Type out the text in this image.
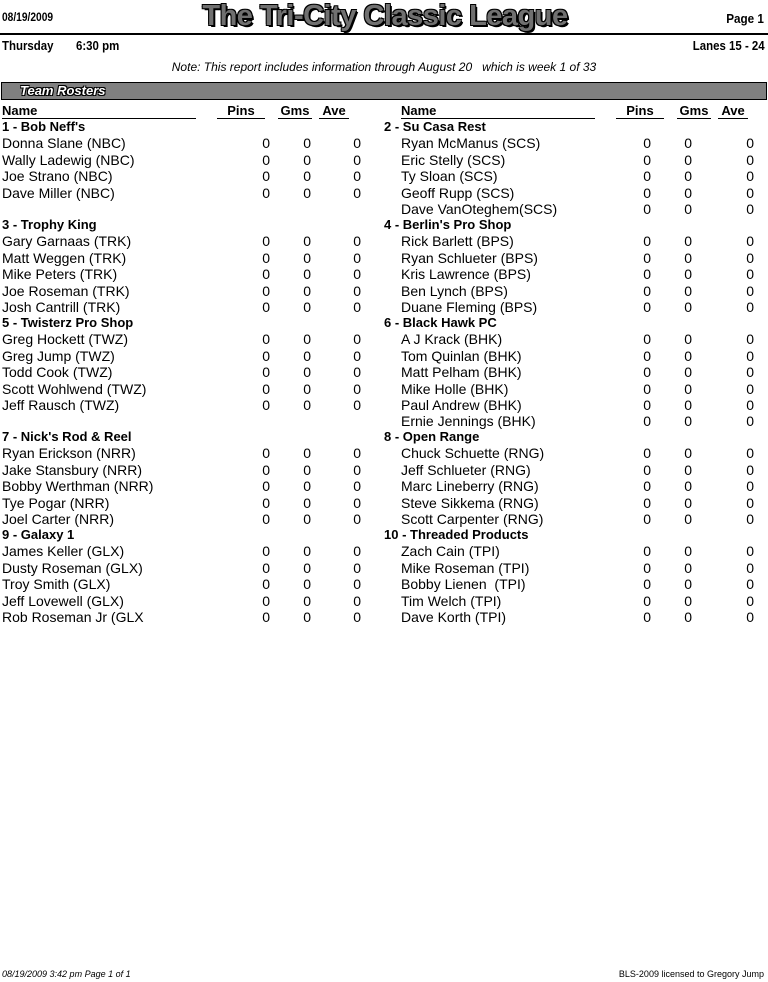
08/19/2009	The Tri-City Classic League	Page 1
Thursday 6:30 pm	Lanes 15 - 24
Note: This report includes information through August 20   which is week 1 of 33
Team Rosters
Name	Pins	Gms Ave	Name	Pins	Gms Ave
1 - Bob Neff's
Donna Slane (NBC)	0	0	0
Wally Ladewig (NBC)	0	0	0
Joe Strano (NBC)	0	0	0
Dave Miller (NBC)	0	0	0
2 - Su Casa Rest
Ryan McManus (SCS)	0	0	0
Eric Stelly (SCS)	0	0	0
Ty Sloan (SCS)	0	0	0
Geoff Rupp (SCS)	0	0	0
Dave VanOteghem(SCS)	0	0	0
3 - Trophy King
Gary Garnaas (TRK)	0	0	0
Matt Weggen (TRK)	0	0	0
Mike Peters (TRK)	0	0	0
Joe Roseman (TRK)	0	0	0
Josh Cantrill (TRK)	0	0	0
4 - Berlin's Pro Shop
Rick Barlett (BPS)	0	0	0
Ryan Schlueter (BPS)	0	0	0
Kris Lawrence (BPS)	0	0	0
Ben Lynch (BPS)	0	0	0
Duane Fleming (BPS)	0	0	0
5 - Twisterz Pro Shop
Greg Hockett (TWZ)	0	0	0
Greg Jump (TWZ)	0	0	0
Todd Cook (TWZ)	0	0	0
Scott Wohlwend (TWZ)	0	0	0
Jeff Rausch (TWZ)	0	0	0
6 - Black Hawk PC
A J Krack (BHK)	0	0	0
Tom Quinlan (BHK)	0	0	0
Matt Pelham (BHK)	0	0	0
Mike Holle (BHK)	0	0	0
Paul Andrew (BHK)	0	0	0
Ernie Jennings (BHK)	0	0	0
7 - Nick's Rod & Reel
Ryan Erickson (NRR)	0	0	0
Jake Stansbury (NRR)	0	0	0
Bobby Werthman (NRR)	0	0	0
Tye Pogar (NRR)	0	0	0
Joel Carter (NRR)	0	0	0
8 - Open Range
Chuck Schuette (RNG)	0	0	0
Jeff Schlueter (RNG)	0	0	0
Marc Lineberry (RNG)	0	0	0
Steve Sikkema (RNG)	0	0	0
Scott Carpenter (RNG)	0	0	0
9 - Galaxy 1
James Keller (GLX)	0	0	0
Dusty Roseman (GLX)	0	0	0
Troy Smith (GLX)	0	0	0
Jeff Lovewell (GLX)	0	0	0
Rob Roseman Jr (GLX	0	0	0
10 - Threaded Products
Zach Cain (TPI)	0	0	0
Mike Roseman (TPI)	0	0	0
Bobby Lienen  (TPI)	0	0	0
Tim Welch (TPI)	0	0	0
Dave Korth (TPI)	0	0	0
08/19/2009 3:42 pm Page 1 of 1	BLS-2009 licensed to Gregory Jump
